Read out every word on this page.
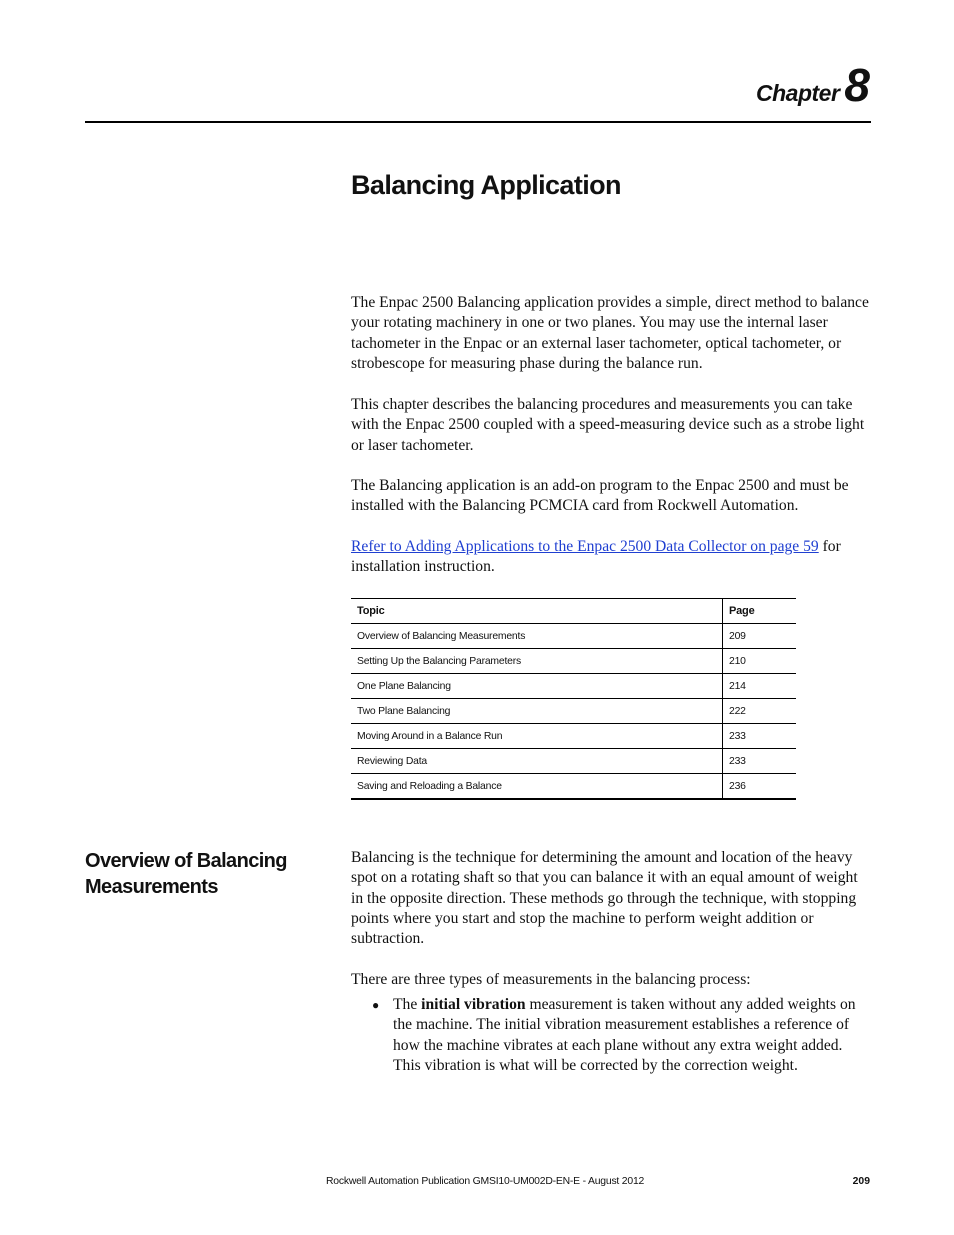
Chapter 8
Balancing Application

The Enpac 2500 Balancing application provides a simple, direct method to balance your rotating machinery in one or two planes. You may use the internal laser tachometer in the Enpac or an external laser tachometer, optical tachometer, or strobescope for measuring phase during the balance run.

This chapter describes the balancing procedures and measurements you can take with the Enpac 2500 coupled with a speed-measuring device such as a strobe light or laser tachometer.

The Balancing application is an add-on program to the Enpac 2500 and must be installed with the Balancing PCMCIA card from Rockwell Automation.

Refer to Adding Applications to the Enpac 2500 Data Collector on page 59 for installation instruction.

Topic	Page
Overview of Balancing Measurements	209
Setting Up the Balancing Parameters	210
One Plane Balancing	214
Two Plane Balancing	222
Moving Around in a Balance Run	233
Reviewing Data	233
Saving and Reloading a Balance	236
Overview of Balancing Measurements

Balancing is the technique for determining the amount and location of the heavy spot on a rotating shaft so that you can balance it with an equal amount of weight in the opposite direction. These methods go through the technique, with stopping points where you start and stop the machine to perform weight addition or subtraction.

There are three types of measurements in the balancing process:

● The initial vibration measurement is taken without any added weights on the machine. The initial vibration measurement establishes a reference of how the machine vibrates at each plane without any extra weight added. This vibration is what will be corrected by the correction weight.
Rockwell Automation Publication GMSI10-UM002D-EN-E - August 2012	209
